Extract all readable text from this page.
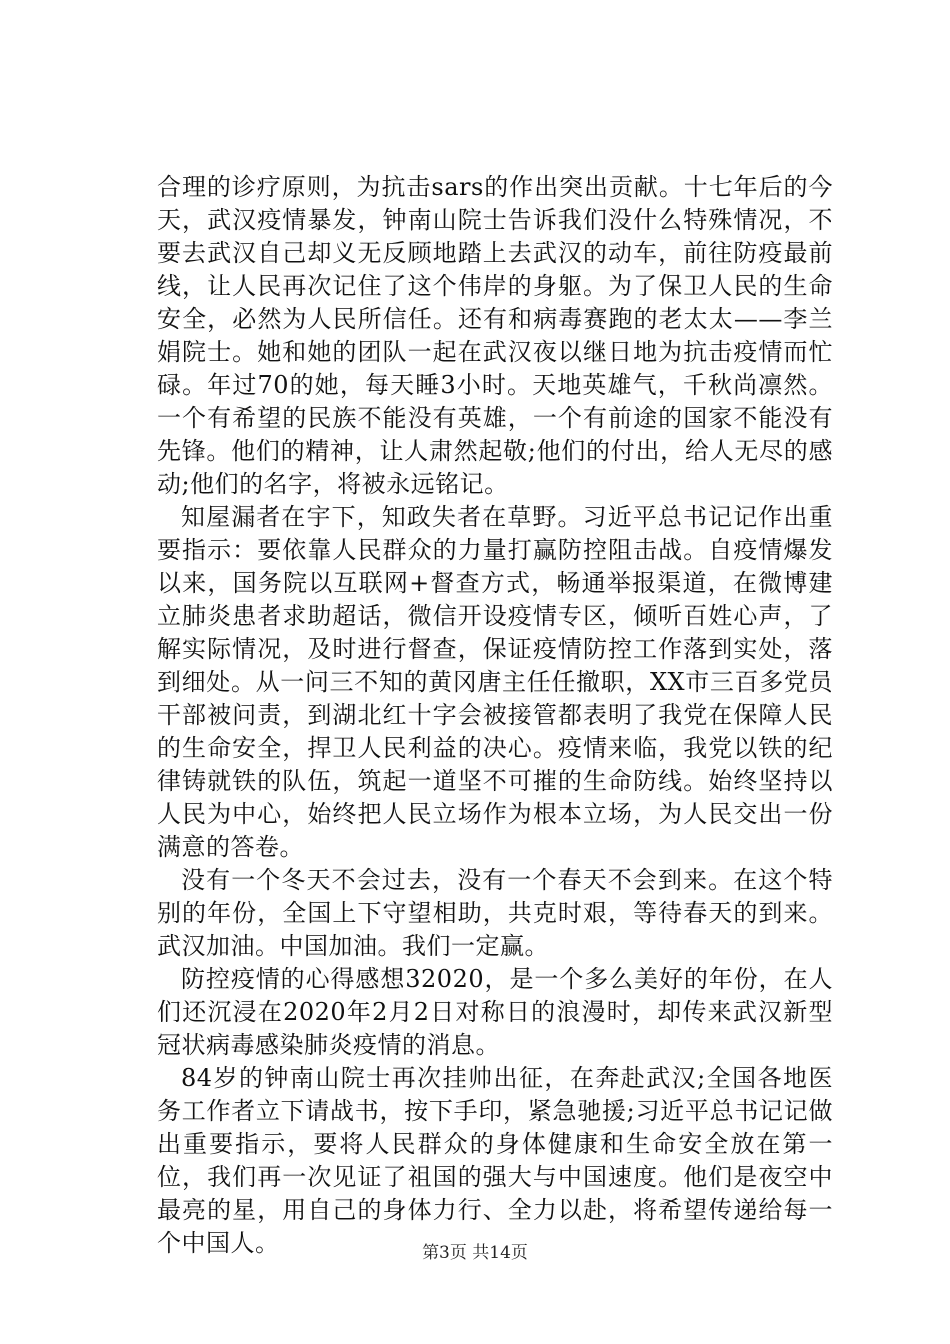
合理的诊疗原则，为抗击sars的作出突出贡献。十七年后的今天，武汉疫情暴发，钟南山院士告诉我们没什么特殊情况，不要去武汉自己却义无反顾地踏上去武汉的动车，前往防疫最前线，让人民再次记住了这个伟岸的身躯。为了保卫人民的生命安全，必然为人民所信任。还有和病毒赛跑的老太太——李兰娟院士。她和她的团队一起在武汉夜以继日地为抗击疫情而忙碌。年过70的她，每天睡3小时。天地英雄气，千秋尚凛然。一个有希望的民族不能没有英雄，一个有前途的国家不能没有先锋。他们的精神，让人肃然起敬;他们的付出，给人无尽的感动;他们的名字，将被永远铭记。

知屋漏者在宇下，知政失者在草野。习近平总书记记作出重要指示：要依靠人民群众的力量打赢防控阻击战。自疫情爆发以来，国务院以互联网+督查方式，畅通举报渠道，在微博建立肺炎患者求助超话，微信开设疫情专区，倾听百姓心声，了解实际情况，及时进行督查，保证疫情防控工作落到实处，落到细处。从一问三不知的黄冈唐主任任撤职，XX市三百多党员干部被问责，到湖北红十字会被接管都表明了我党在保障人民的生命安全，捍卫人民利益的决心。疫情来临，我党以铁的纪律铸就铁的队伍，筑起一道坚不可摧的生命防线。始终坚持以人民为中心，始终把人民立场作为根本立场，为人民交出一份满意的答卷。

没有一个冬天不会过去，没有一个春天不会到来。在这个特别的年份，全国上下守望相助，共克时艰，等待春天的到来。武汉加油。中国加油。我们一定赢。

防控疫情的心得感想32020，是一个多么美好的年份，在人们还沉浸在2020年2月2日对称日的浪漫时，却传来武汉新型冠状病毒感染肺炎疫情的消息。

84岁的钟南山院士再次挂帅出征，在奔赴武汉;全国各地医务工作者立下请战书，按下手印，紧急驰援;习近平总书记记做出重要指示，要将人民群众的身体健康和生命安全放在第一位，我们再一次见证了祖国的强大与中国速度。他们是夜空中最亮的星，用自己的身体力行、全力以赴，将希望传递给每一个中国人。	第3页 共14页
